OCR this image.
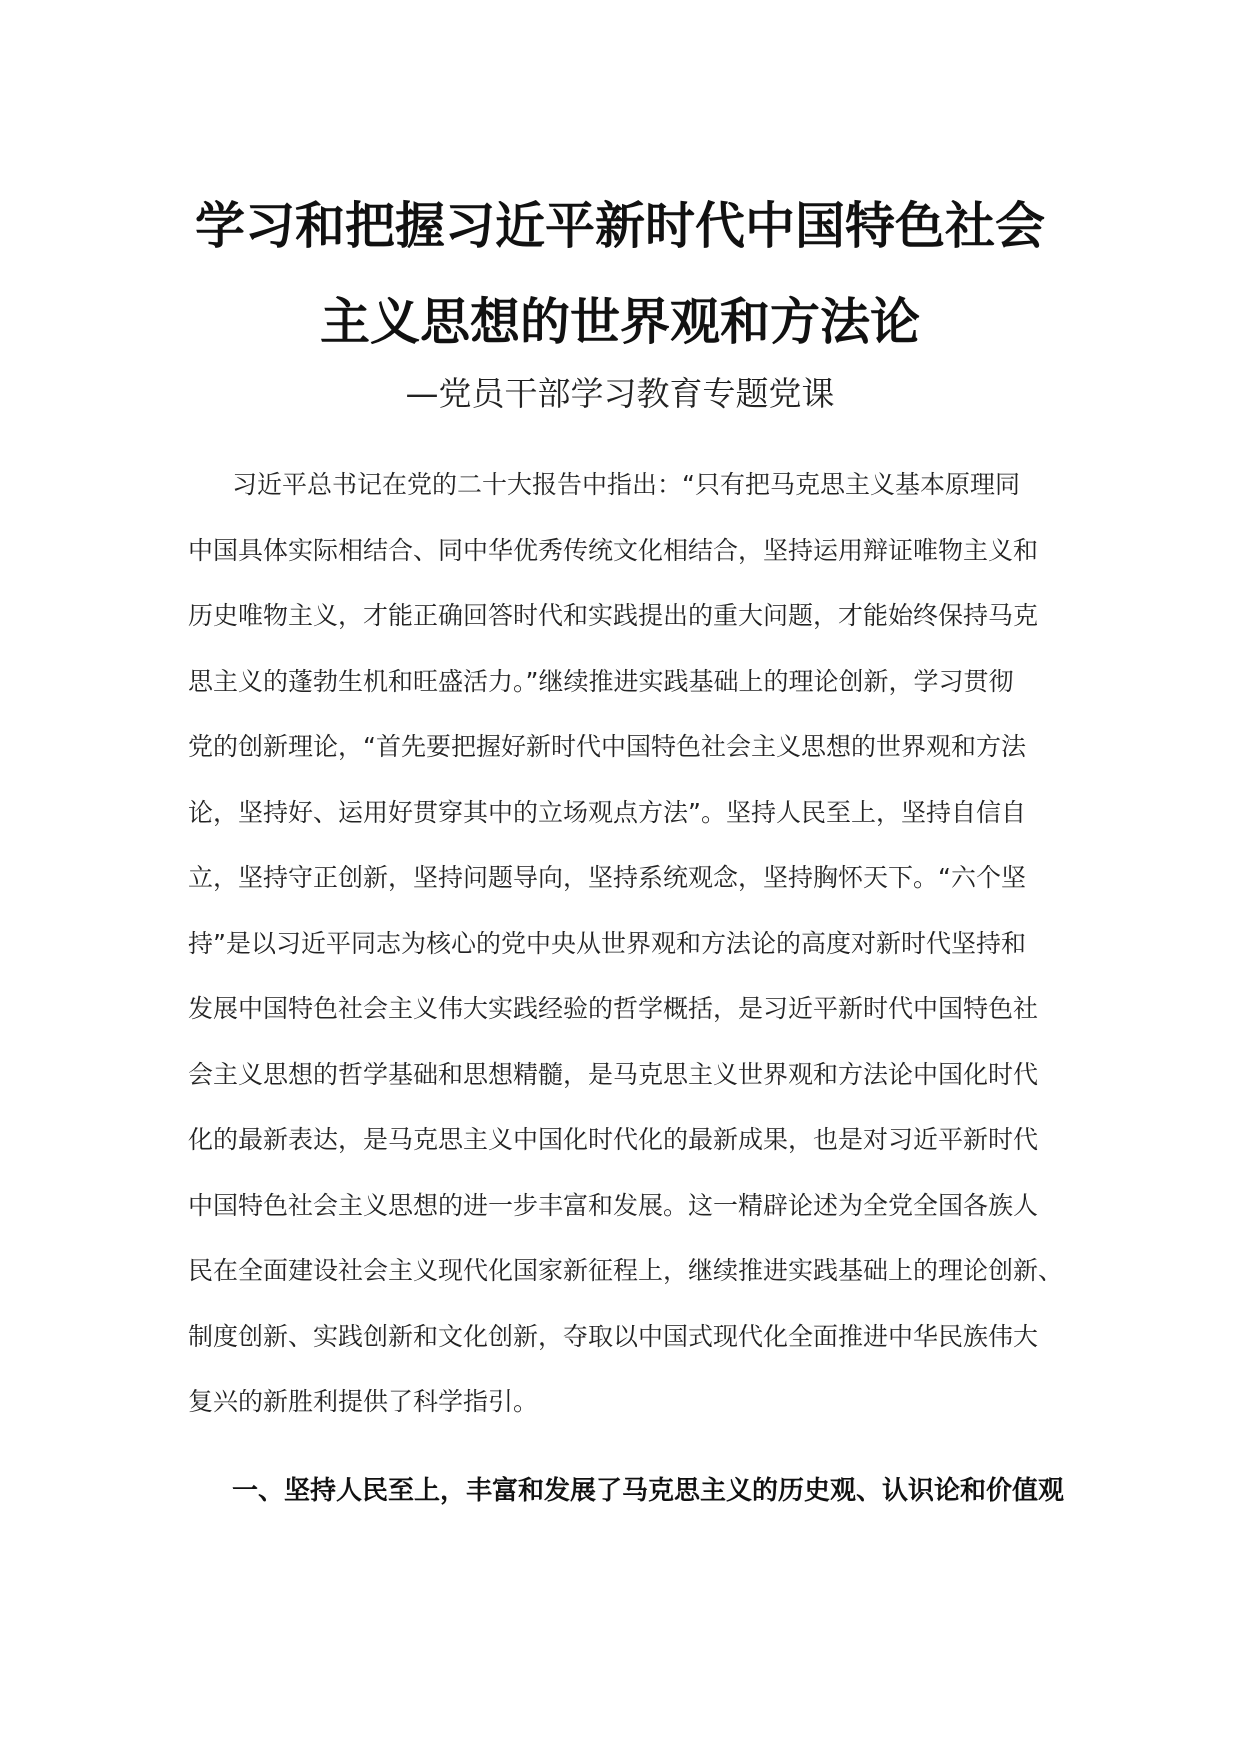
学习和把握习近平新时代中国特色社会
主义思想的世界观和方法论
—党员干部学习教育专题党课
习近平总书记在党的二十大报告中指出：“只有把马克思主义基本原理同
中国具体实际相结合、同中华优秀传统文化相结合，坚持运用辩证唯物主义和
历史唯物主义，才能正确回答时代和实践提出的重大问题，才能始终保持马克
思主义的蓬勃生机和旺盛活力。”继续推进实践基础上的理论创新，学习贯彻
党的创新理论，“首先要把握好新时代中国特色社会主义思想的世界观和方法
论，坚持好、运用好贯穿其中的立场观点方法”。坚持人民至上，坚持自信自
立，坚持守正创新，坚持问题导向，坚持系统观念，坚持胸怀天下。“六个坚
持”是以习近平同志为核心的党中央从世界观和方法论的高度对新时代坚持和
发展中国特色社会主义伟大实践经验的哲学概括，是习近平新时代中国特色社
会主义思想的哲学基础和思想精髓，是马克思主义世界观和方法论中国化时代
化的最新表达，是马克思主义中国化时代化的最新成果，也是对习近平新时代
中国特色社会主义思想的进一步丰富和发展。这一精辟论述为全党全国各族人
民在全面建设社会主义现代化国家新征程上，继续推进实践基础上的理论创新、
制度创新、实践创新和文化创新，夺取以中国式现代化全面推进中华民族伟大
复兴的新胜利提供了科学指引。
一、坚持人民至上，丰富和发展了马克思主义的历史观、认识论和价值观
